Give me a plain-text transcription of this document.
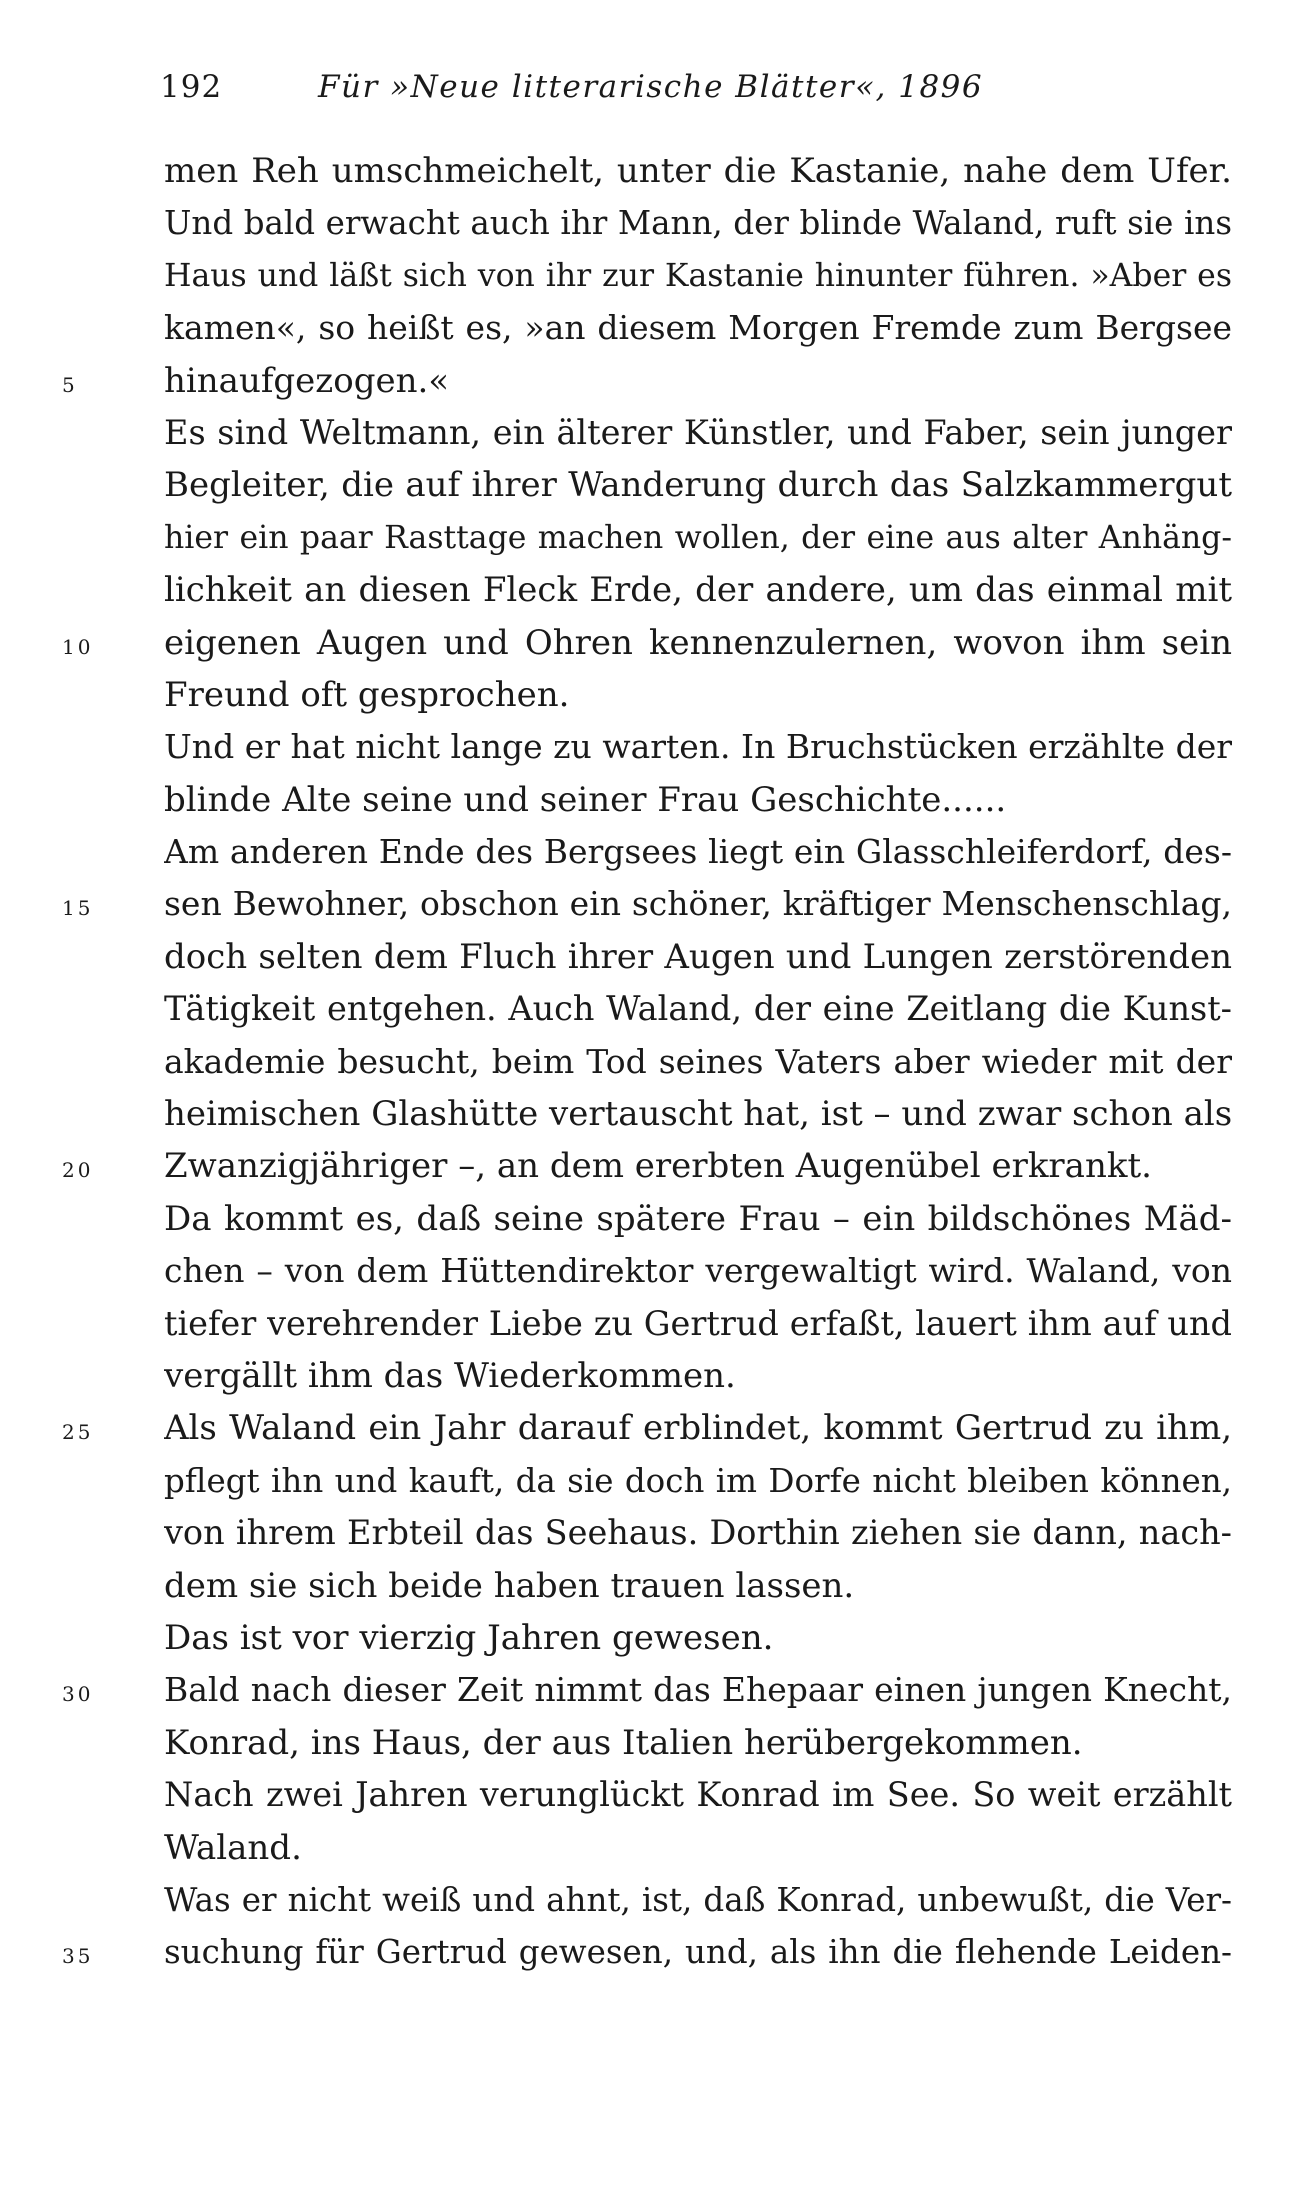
192	Für »Neue litterarische Blätter«, 1896
men Reh umschmeichelt, unter die Kastanie, nahe dem Ufer.
Und bald erwacht auch ihr Mann, der blinde Waland, ruft sie ins
Haus und läßt sich von ihr zur Kastanie hinunter führen. »Aber es
kamen«, so heißt es, »an diesem Morgen Fremde zum Bergsee
5	hinaufgezogen.«
Es sind Weltmann, ein älterer Künstler, und Faber, sein junger
Begleiter, die auf ihrer Wanderung durch das Salzkammergut
hier ein paar Rasttage machen wollen, der eine aus alter Anhäng-
lichkeit an diesen Fleck Erde, der andere, um das einmal mit
10	eigenen Augen und Ohren kennenzulernen, wovon ihm sein
Freund oft gesprochen.
Und er hat nicht lange zu warten. In Bruchstücken erzählte der
blinde Alte seine und seiner Frau Geschichte......
Am anderen Ende des Bergsees liegt ein Glasschleiferdorf, des-
15	sen Bewohner, obschon ein schöner, kräftiger Menschenschlag,
doch selten dem Fluch ihrer Augen und Lungen zerstörenden
Tätigkeit entgehen. Auch Waland, der eine Zeitlang die Kunst-
akademie besucht, beim Tod seines Vaters aber wieder mit der
heimischen Glashütte vertauscht hat, ist – und zwar schon als
20	Zwanzigjähriger –, an dem ererbten Augenübel erkrankt.
Da kommt es, daß seine spätere Frau – ein bildschönes Mäd-
chen – von dem Hüttendirektor vergewaltigt wird. Waland, von
tiefer verehrender Liebe zu Gertrud erfaßt, lauert ihm auf und
vergällt ihm das Wiederkommen.
25	Als Waland ein Jahr darauf erblindet, kommt Gertrud zu ihm,
pflegt ihn und kauft, da sie doch im Dorfe nicht bleiben können,
von ihrem Erbteil das Seehaus. Dorthin ziehen sie dann, nach-
dem sie sich beide haben trauen lassen.
Das ist vor vierzig Jahren gewesen.
30	Bald nach dieser Zeit nimmt das Ehepaar einen jungen Knecht,
Konrad, ins Haus, der aus Italien herübergekommen.
Nach zwei Jahren verunglückt Konrad im See. So weit erzählt
Waland.
Was er nicht weiß und ahnt, ist, daß Konrad, unbewußt, die Ver-
35	suchung für Gertrud gewesen, und, als ihn die flehende Leiden-
